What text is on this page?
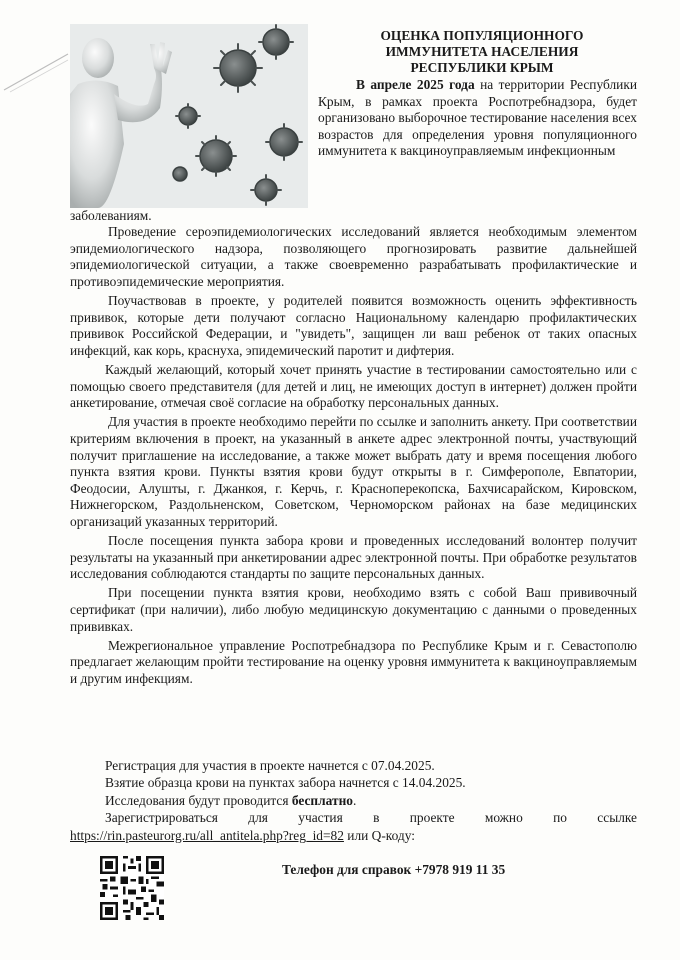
ОЦЕНКА ПОПУЛЯЦИОННОГО
ИММУНИТЕТА НАСЕЛЕНИЯ
РЕСПУБЛИКИ КРЫМ
В апреле 2025 года на территории Республики Крым, в рамках проекта Роспотребнадзора, будет организовано выборочное тестирование населения всех возрастов для определения уровня популяционного иммунитета к вакциноуправляемым инфекционным
заболеваниям.

Проведение сероэпидемиологических исследований является необходимым элементом эпидемиологического надзора, позволяющего прогнозировать развитие дальнейшей эпидемиологической ситуации, а также своевременно разрабатывать профилактические и противоэпидемические мероприятия.

Поучаствовав в проекте, у родителей появится возможность оценить эффективность прививок, которые дети получают согласно Национальному календарю профилактических прививок Российской Федерации, и "увидеть", защищен ли ваш ребенок от таких опасных инфекций, как корь, краснуха, эпидемический паротит и дифтерия.

Каждый желающий, который хочет принять участие в тестировании самостоятельно или с помощью своего представителя (для детей и лиц, не имеющих доступ в интернет) должен пройти анкетирование, отмечая своё согласие на обработку персональных данных.

Для участия в проекте необходимо перейти по ссылке и заполнить анкету. При соответствии критериям включения в проект, на указанный в анкете адрес электронной почты, участвующий получит приглашение на исследование, а также может выбрать дату и время посещения любого пункта взятия крови. Пункты взятия крови будут открыты в г. Симферополе, Евпатории, Феодосии, Алушты, г. Джанкоя, г. Керчь, г. Красноперекопска, Бахчисарайском, Кировском, Нижнегорском, Раздольненском, Советском, Черноморском районах на базе медицинских организаций указанных территорий.

После посещения пункта забора крови и проведенных исследований волонтер получит результаты на указанный при анкетировании адрес электронной почты. При обработке результатов исследования соблюдаются стандарты по защите персональных данных.

При посещении пункта взятия крови, необходимо взять с собой Ваш прививочный сертификат (при наличии), либо любую медицинскую документацию с данными о проведенных прививках.

Межрегиональное управление Роспотребнадзора по Республике Крым и г. Севастополю предлагает желающим пройти тестирование на оценку уровня иммунитета к вакциноуправляемым и другим инфекциям.

Регистрация для участия в проекте начнется с 07.04.2025.
Взятие образца крови на пунктах забора начнется с 14.04.2025.
Исследования будут проводится бесплатно.
Зарегистрироваться для участия в проекте можно по ссылке
https://rin.pasteurorg.ru/all_antitela.php?reg_id=82 или Q-коду:
Телефон для справок +7978 919 11 35
